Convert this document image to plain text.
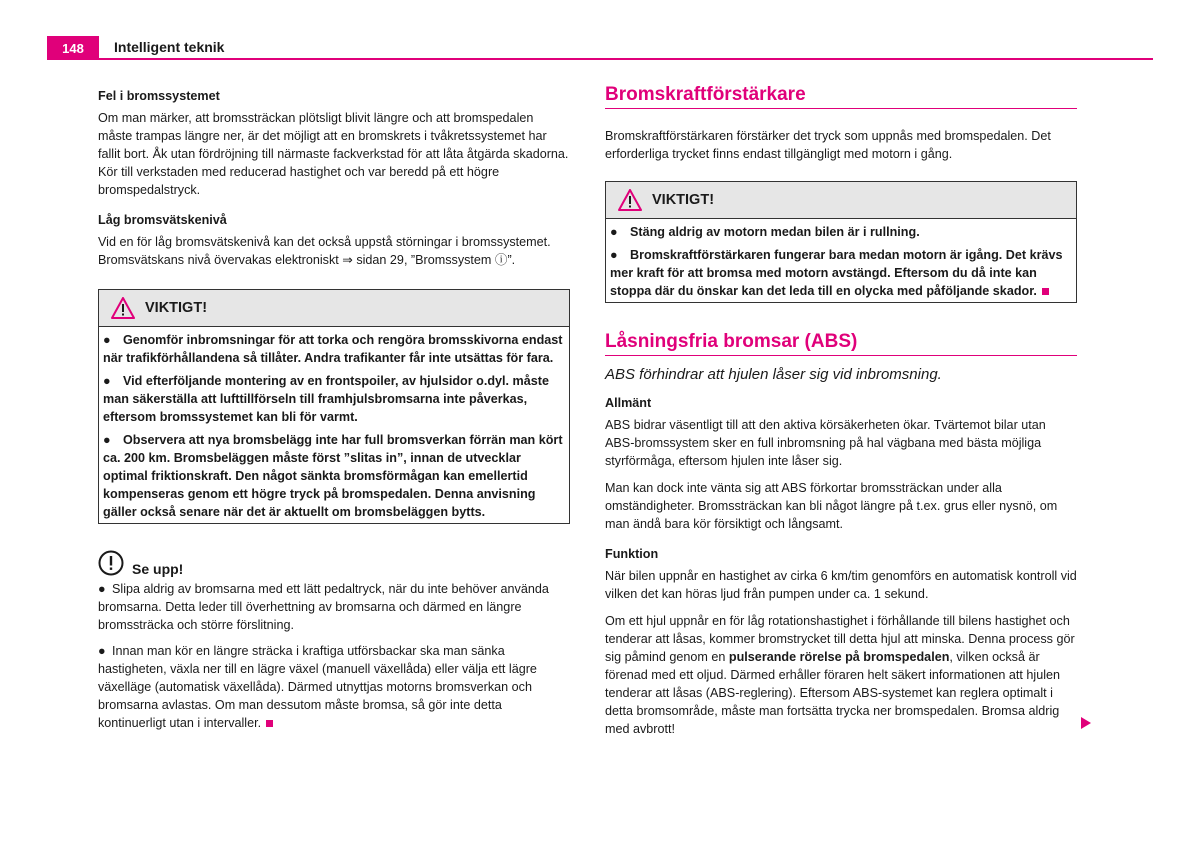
148	Intelligent teknik
Fel i bromssystemet

Om man märker, att bromssträckan plötsligt blivit längre och att bromspedalen måste trampas längre ner, är det möjligt att en bromskrets i tvåkretssystemet har fallit bort. Åk utan fördröjning till närmaste fackverkstad för att låta åtgärda skadorna. Kör till verkstaden med reducerad hastighet och var beredd på ett högre bromspedalstryck.

Låg bromsvätskenivå

Vid en för låg bromsvätskenivå kan det också uppstå störningar i bromssystemet. Bromsvätskans nivå övervakas elektroniskt ⇒ sidan 29, ”Bromssystem ⓘ”.

VIKTIGT!
● Genomför inbromsningar för att torka och rengöra bromsskivorna endast när trafikförhållandena så tillåter. Andra trafikanter får inte utsättas för fara.
● Vid efterföljande montering av en frontspoiler, av hjulsidor o.dyl. måste man säkerställa att lufttillförseln till framhjulsbromsarna inte påverkas, eftersom bromssystemet kan bli för varmt.
● Observera att nya bromsbelägg inte har full bromsverkan förrän man kört ca. 200 km. Bromsbeläggen måste först ”slitas in”, innan de utvecklar optimal friktionskraft. Den något sänkta bromsförmågan kan emellertid kompenseras genom ett högre tryck på bromspedalen. Denna anvisning gäller också senare när det är aktuellt om bromsbeläggen bytts.
Se upp!
● Slipa aldrig av bromsarna med ett lätt pedaltryck, när du inte behöver använda bromsarna. Detta leder till överhettning av bromsarna och därmed en längre bromssträcka och större förslitning.
● Innan man kör en längre sträcka i kraftiga utförsbackar ska man sänka hastigheten, växla ner till en lägre växel (manuell växellåda) eller välja ett lägre växelläge (automatisk växellåda). Därmed utnyttjas motorns bromsverkan och bromsarna avlastas. Om man dessutom måste bromsa, så gör inte detta kontinuerligt utan i intervaller.
Bromskraftförstärkare

Bromskraftförstärkaren förstärker det tryck som uppnås med bromspedalen. Det erforderliga trycket finns endast tillgängligt med motorn i gång.

VIKTIGT!
● Stäng aldrig av motorn medan bilen är i rullning.
● Bromskraftförstärkaren fungerar bara medan motorn är igång. Det krävs mer kraft för att bromsa med motorn avstängd. Eftersom du då inte kan stoppa där du önskar kan det leda till en olycka med påföljande skador.
Låsningsfria bromsar (ABS)
ABS förhindrar att hjulen låser sig vid inbromsning.
Allmänt

ABS bidrar väsentligt till att den aktiva körsäkerheten ökar. Tvärtemot bilar utan ABS-bromssystem sker en full inbromsning på hal vägbana med bästa möjliga styrförmåga, eftersom hjulen inte låser sig.

Man kan dock inte vänta sig att ABS förkortar bromssträckan under alla omständigheter. Bromssträckan kan bli något längre på t.ex. grus eller nysnö, om man ändå bara kör försiktigt och långsamt.

Funktion

När bilen uppnår en hastighet av cirka 6 km/tim genomförs en automatisk kontroll vid vilken det kan höras ljud från pumpen under ca. 1 sekund.

Om ett hjul uppnår en för låg rotationshastighet i förhållande till bilens hastighet och tenderar att låsas, kommer bromstrycket till detta hjul att minska. Denna process gör sig påmind genom en pulserande rörelse på bromspedalen, vilken också är förenad med ett oljud. Därmed erhåller föraren helt säkert informationen att hjulen tenderar att låsas (ABS-reglering). Eftersom ABS-systemet kan reglera optimalt i detta bromsområde, måste man fortsätta trycka ner bromspedalen. Bromsa aldrig med avbrott!
